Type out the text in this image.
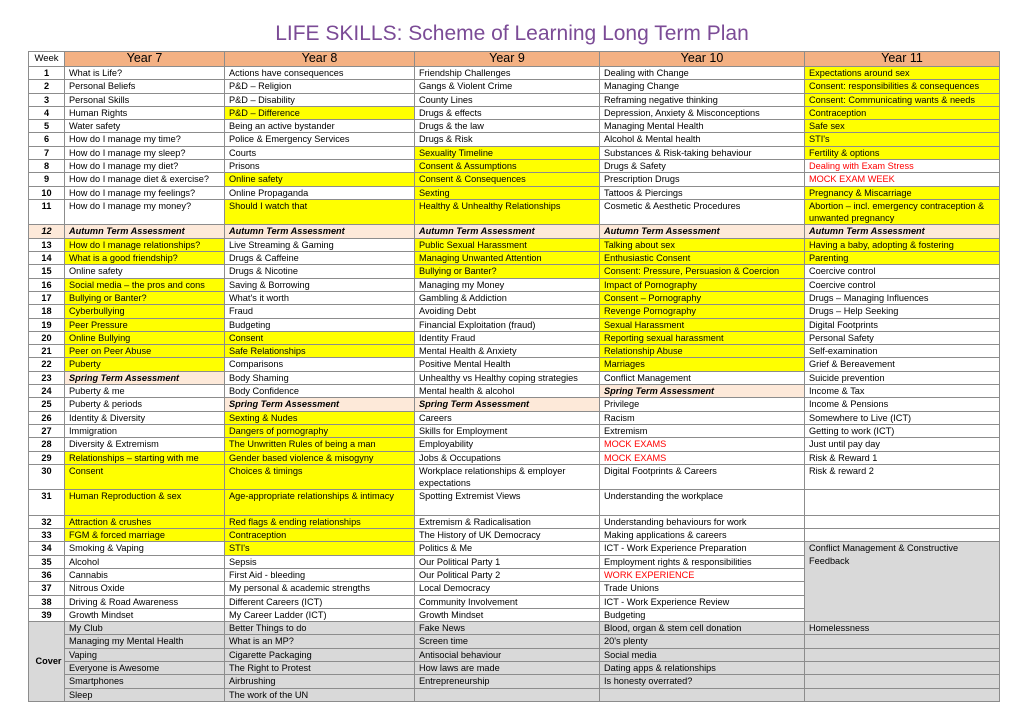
LIFE SKILLS: Scheme of Learning Long Term Plan
Week	Year 7	Year 8	Year 9	Year 10	Year 11
1	What is Life?	Actions have consequences	Friendship Challenges	Dealing with Change	Expectations around sex
2	Personal Beliefs	P&D – Religion	Gangs & Violent Crime	Managing Change	Consent: responsibilities & consequences
3	Personal Skills	P&D – Disability	County Lines	Reframing negative thinking	Consent: Communicating wants & needs
4	Human Rights	P&D – Difference	Drugs & effects	Depression, Anxiety & Misconceptions	Contraception
5	Water safety	Being an active bystander	Drugs & the law	Managing Mental Health	Safe sex
6	How do I manage my time?	Police & Emergency Services	Drugs & Risk	Alcohol & Mental health	STI's
7	How do I manage my sleep?	Courts	Sexuality Timeline	Substances & Risk-taking behaviour	Fertility & options
8	How do I manage my diet?	Prisons	Consent & Assumptions	Drugs & Safety	Dealing with Exam Stress
9	How do I manage diet & exercise?	Online safety	Consent & Consequences	Prescription Drugs	MOCK EXAM WEEK
10	How do I manage my feelings?	Online Propaganda	Sexting	Tattoos & Piercings	Pregnancy & Miscarriage
11	How do I manage my money?	Should I watch that	Healthy & Unhealthy Relationships	Cosmetic & Aesthetic Procedures	Abortion – incl. emergency contraception & unwanted pregnancy
12	Autumn Term Assessment	Autumn Term Assessment	Autumn Term Assessment	Autumn Term Assessment	Autumn Term Assessment
13	How do I manage relationships?	Live Streaming & Gaming	Public Sexual Harassment	Talking about sex	Having a baby, adopting & fostering
14	What is a good friendship?	Drugs & Caffeine	Managing Unwanted Attention	Enthusiastic Consent	Parenting
15	Online safety	Drugs & Nicotine	Bullying or Banter?	Consent: Pressure, Persuasion & Coercion	Coercive control
16	Social media – the pros and cons	Saving & Borrowing	Managing my Money	Impact of Pornography	Coercive control
17	Bullying or Banter?	What's it worth	Gambling & Addiction	Consent – Pornography	Drugs – Managing Influences
18	Cyberbullying	Fraud	Avoiding Debt	Revenge Pornography	Drugs – Help Seeking
19	Peer Pressure	Budgeting	Financial Exploitation (fraud)	Sexual Harassment	Digital Footprints
20	Online Bullying	Consent	Identity Fraud	Reporting sexual harassment	Personal Safety
21	Peer on Peer Abuse	Safe Relationships	Mental Health & Anxiety	Relationship Abuse	Self-examination
22	Puberty	Comparisons	Positive Mental Health	Marriages	Grief & Bereavement
23	Spring Term Assessment	Body Shaming	Unhealthy vs Healthy coping strategies	Conflict Management	Suicide prevention
24	Puberty & me	Body Confidence	Mental health & alcohol	Spring Term Assessment	Income & Tax
25	Puberty & periods	Spring Term Assessment	Spring Term Assessment	Privilege	Income & Pensions
26	Identity & Diversity	Sexting & Nudes	Careers	Racism	Somewhere to Live (ICT)
27	Immigration	Dangers of pornography	Skills for Employment	Extremism	Getting to work (ICT)
28	Diversity & Extremism	The Unwritten Rules of being a man	Employability	MOCK EXAMS	Just until pay day
29	Relationships – starting with me	Gender based violence & misogyny	Jobs & Occupations	MOCK EXAMS	Risk & Reward 1
30	Consent	Choices & timings	Workplace relationships & employer expectations	Digital Footprints & Careers	Risk & reward 2
31	Human Reproduction & sex	Age-appropriate relationships & intimacy	Spotting Extremist Views	Understanding the workplace	
32	Attraction & crushes	Red flags & ending relationships	Extremism & Radicalisation	Understanding behaviours for work	
33	FGM & forced marriage	Contraception	The History of UK Democracy	Making applications & careers	
34	Smoking & Vaping	STI's	Politics & Me	ICT - Work Experience Preparation	Conflict Management & Constructive Feedback
35	Alcohol	Sepsis	Our Political Party 1	Employment rights & responsibilities	
36	Cannabis	First Aid - bleeding	Our Political Party 2	WORK EXPERIENCE	
37	Nitrous Oxide	My personal & academic strengths	Local Democracy	Trade Unions	
38	Driving & Road Awareness	Different Careers (ICT)	Community Involvement	ICT - Work Experience Review	
39	Growth Mindset	My Career Ladder (ICT)	Growth Mindset	Budgeting	
Cover	My Club	Better Things to do	Fake News	Blood, organ & stem cell donation	Homelessness
	Managing my Mental Health	What is an MP?	Screen time	20's plenty	
	Vaping	Cigarette Packaging	Antisocial behaviour	Social media	
	Everyone is Awesome	The Right to Protest	How laws are made	Dating apps & relationships	
	Smartphones	Airbrushing	Entrepreneurship	Is honesty overrated?	
	Sleep	The work of the UN			
